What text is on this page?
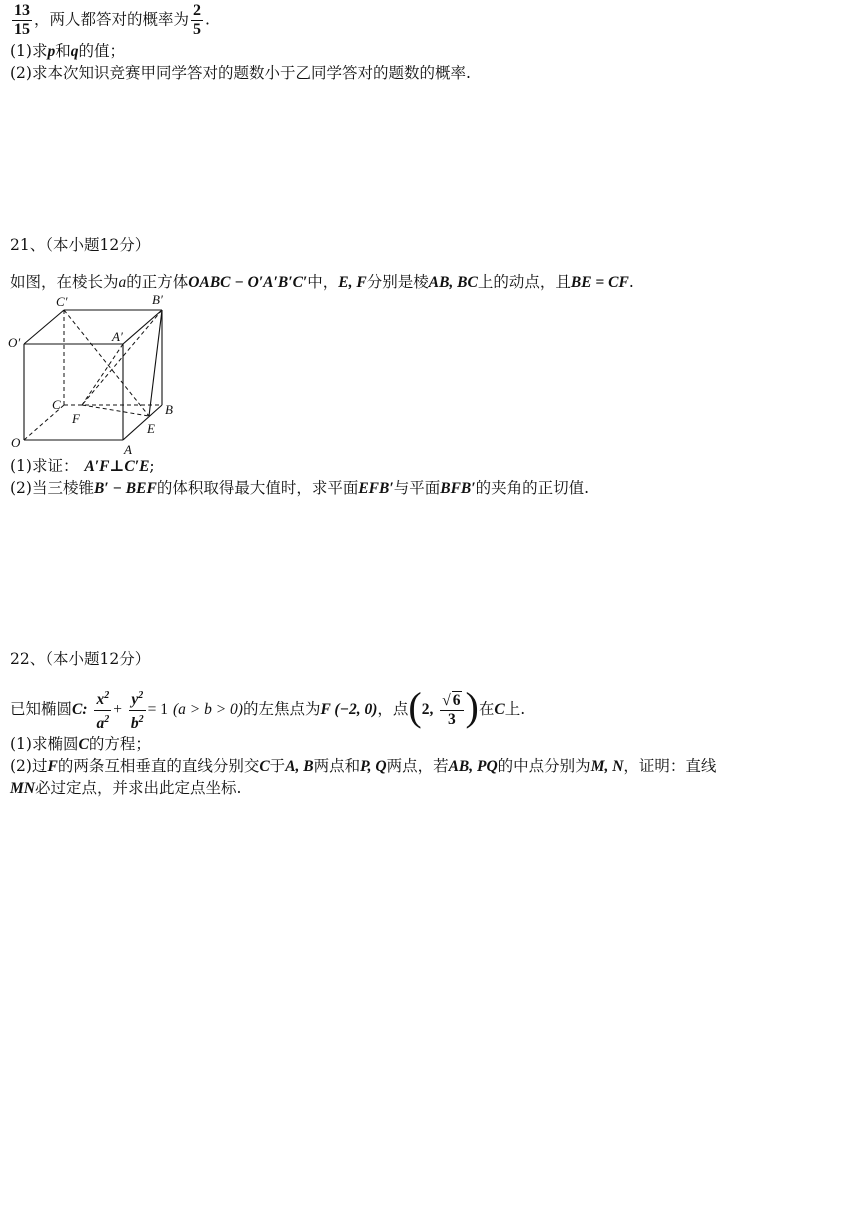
$\frac{13}{15}$ ，两人都答对的概率为 $\frac{2}{5}$ .
(1)求p和q的值；
(2)求本次知识竞赛甲同学答对的题数小于乙同学答对的题数的概率.
21、（本小题12分）
如图，在棱长为a的正方体OABC − O′A′B′C′中，E, F分别是棱AB, BC上的动点，且BE = CF.
C′	B′
O′	A′
C	B
F
E
O	A
(1)求证： A′F⊥C′E;
(2)当三棱锥B′ − BEF的体积取得最大值时，求平面EFB′与平面BFB′的夹角的正切值.
22、（本小题12分）
已知椭圆C: $\frac{x^2}{a^2} + \frac{y^2}{b^2} = 1$ (a > b > 0)的左焦点为F (−2, 0)，点(2, $\frac{√ 6}{3}$ )在C上.
(1)求椭圆C的方程；
(2)过F的两条互相垂直的直线分别交C于A, B两点和P, Q两点，若AB, PQ的中点分别为M, N，证明：直线
MN必过定点，并求出此定点坐标.
